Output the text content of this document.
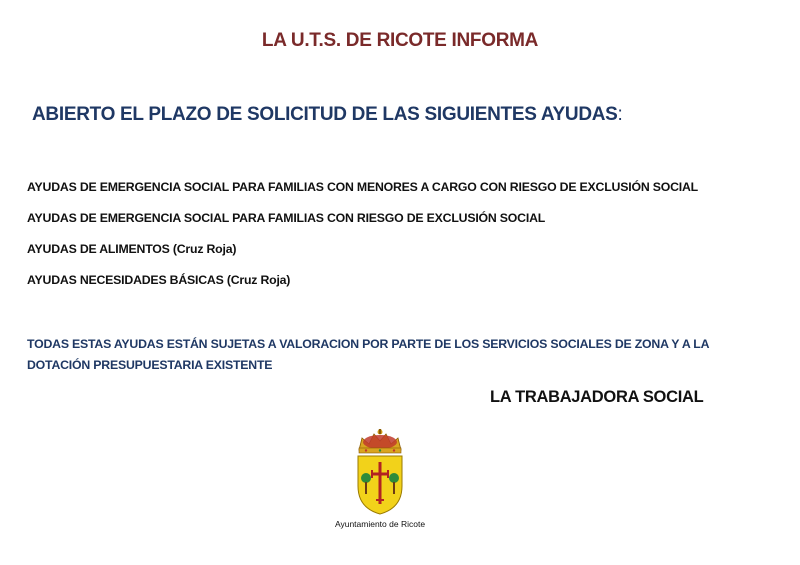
LA U.T.S. DE RICOTE INFORMA
ABIERTO EL PLAZO DE SOLICITUD DE LAS SIGUIENTES AYUDAS:
AYUDAS DE EMERGENCIA SOCIAL PARA FAMILIAS CON MENORES A CARGO CON RIESGO DE EXCLUSIÓN SOCIAL
AYUDAS DE EMERGENCIA SOCIAL PARA FAMILIAS CON RIESGO DE EXCLUSIÓN SOCIAL
AYUDAS DE ALIMENTOS (Cruz Roja)
AYUDAS NECESIDADES BÁSICAS (Cruz Roja)
TODAS ESTAS AYUDAS ESTÁN SUJETAS A VALORACION POR PARTE DE LOS SERVICIOS SOCIALES DE ZONA Y A LA DOTACIÓN PRESUPUESTARIA EXISTENTE
LA TRABAJADORA SOCIAL
Ayuntamiento de Ricote
